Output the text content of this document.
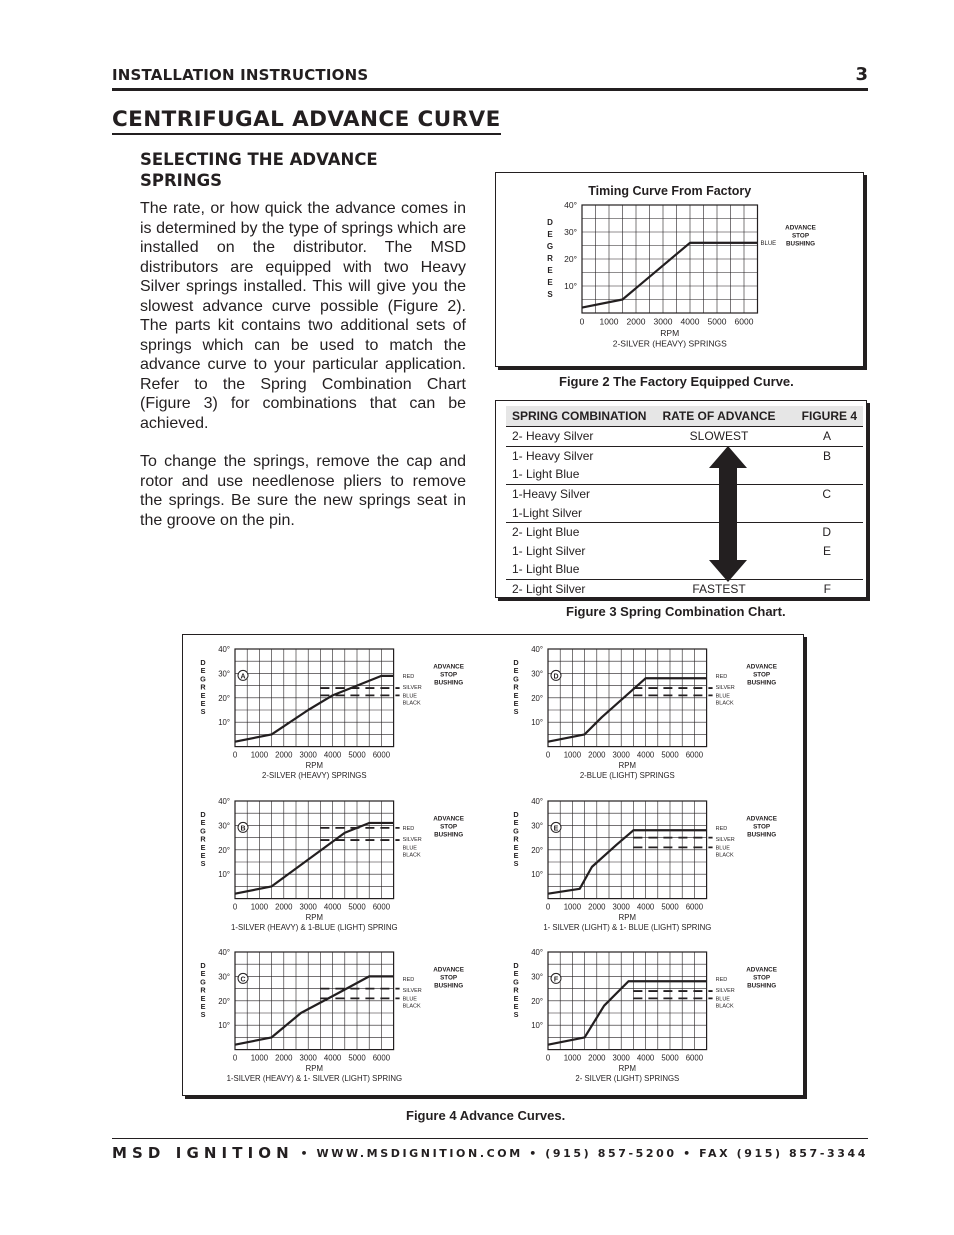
INSTALLATION INSTRUCTIONS	3
CENTRIFUGAL ADVANCE CURVE
SELECTING THE ADVANCE SPRINGS
The rate, or how quick the advance comes in is determined by the type of springs which are installed on the distributor. The MSD distributors are equipped with two Heavy Silver springs installed. This will give you the slowest advance curve possible (Figure 2). The parts kit contains two additional sets of springs which can be used to match the advance curve to your particular application. Refer to the Spring Combination Chart (Figure 3) for combinations that can be achieved.
To change the springs, remove the cap and rotor and use needlenose pliers to remove the springs. Be sure the new springs seat in the groove on the pin.
10°
20°
30°
40°
0 1000 2000 3000 4000 5000 6000
D
E
G
R
E
E
S
RPM
2-SILVER (HEAVY) SPRINGS
Timing Curve From Factory
BLUE
ADVANCE
STOP
BUSHING
Figure 2 The Factory Equipped Curve.
SPRING COMBINATION	RATE OF ADVANCE	FIGURE 4
2- Heavy Silver	SLOWEST	A
1- Heavy Silver		B
1- Light Blue		
1-Heavy Silver		C
1-Light Silver		
2- Light Blue		D
1- Light Silver		E
1- Light Blue		
2- Light Silver	FASTEST	F
Figure 3 Spring Combination Chart.
10°
20°
30°
40°
0 1000 2000 3000 4000 5000 6000
D
E
G
R
E
E
S
RPM
2-SILVER (HEAVY) SPRINGS
A	RED
SILVER
BLUE
BLACK
ADVANCE
STOP
BUSHING
10°
20°
30°
40°
0 1000 2000 3000 4000 5000 6000
D
E
G
R
E
E
S
RPM
2-BLUE (LIGHT) SPRINGS
D	RED
SILVER
BLUE
BLACK
ADVANCE
STOP
BUSHING
10°
20°
30°
40°
0 1000 2000 3000 4000 5000 6000
D
E
G
R
E
E
S
RPM
1-SILVER (HEAVY) & 1-BLUE (LIGHT) SPRING
B	RED
SILVER
BLUE
BLACK
ADVANCE
STOP
BUSHING
10°
20°
30°
40°
0 1000 2000 3000 4000 5000 6000
D
E
G
R
E
E
S
RPM
1- SILVER (LIGHT) & 1- BLUE (LIGHT) SPRING
E	RED
SILVER
BLUE
BLACK
ADVANCE
STOP
BUSHING
10°
20°
30°
40°
0 1000 2000 3000 4000 5000 6000
D
E
G
R
E
E
S
RPM
1-SILVER (HEAVY) & 1- SILVER (LIGHT) SPRING
C	RED
SILVER
BLUE
BLACK
ADVANCE
STOP
BUSHING
10°
20°
30°
40°
0 1000 2000 3000 4000 5000 6000
D
E
G
R
E
E
S
RPM
2- SILVER (LIGHT) SPRINGS
F	RED
SILVER
BLUE
BLACK
ADVANCE
STOP
BUSHING
Figure 4 Advance Curves.
MSD IGNITION • WWW.MSDIGNITION.COM • (915) 857-5200 • FAX (915) 857-3344
